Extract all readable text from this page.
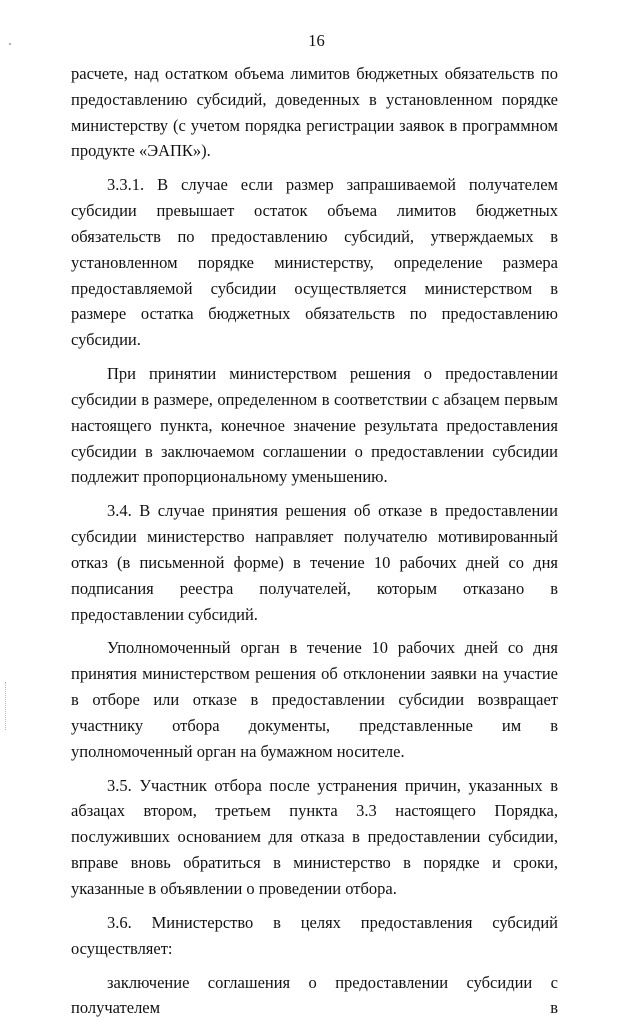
16

расчете, над остатком объема лимитов бюджетных обязательств по предоставлению субсидий, доведенных в установленном порядке министерству (с учетом порядка регистрации заявок в программном продукте «ЭАПК»).

3.3.1. В случае если размер запрашиваемой получателем субсидии превышает остаток объема лимитов бюджетных обязательств по предоставлению субсидий, утверждаемых в установленном порядке министерству, определение размера предоставляемой субсидии осуществляется министерством в размере остатка бюджетных обязательств по предоставлению субсидии.

При принятии министерством решения о предоставлении субсидии в размере, определенном в соответствии с абзацем первым настоящего пункта, конечное значение результата предоставления субсидии в заключаемом соглашении о предоставлении субсидии подлежит пропорциональному уменьшению.

3.4. В случае принятия решения об отказе в предоставлении субсидии министерство направляет получателю мотивированный отказ (в письменной форме) в течение 10 рабочих дней со дня подписания реестра получателей, которым отказано в предоставлении субсидий.

Уполномоченный орган в течение 10 рабочих дней со дня принятия министерством решения об отклонении заявки на участие в отборе или отказе в предоставлении субсидии возвращает участнику отбора документы, представленные им в уполномоченный орган на бумажном носителе.

3.5. Участник отбора после устранения причин, указанных в абзацах втором, третьем пункта 3.3 настоящего Порядка, послуживших основанием для отказа в предоставлении субсидии, вправе вновь обратиться в министерство в порядке и сроки, указанные в объявлении о проведении отбора.

3.6. Министерство в целях предоставления субсидий осуществляет:

заключение соглашения о предоставлении субсидии с получателем в
